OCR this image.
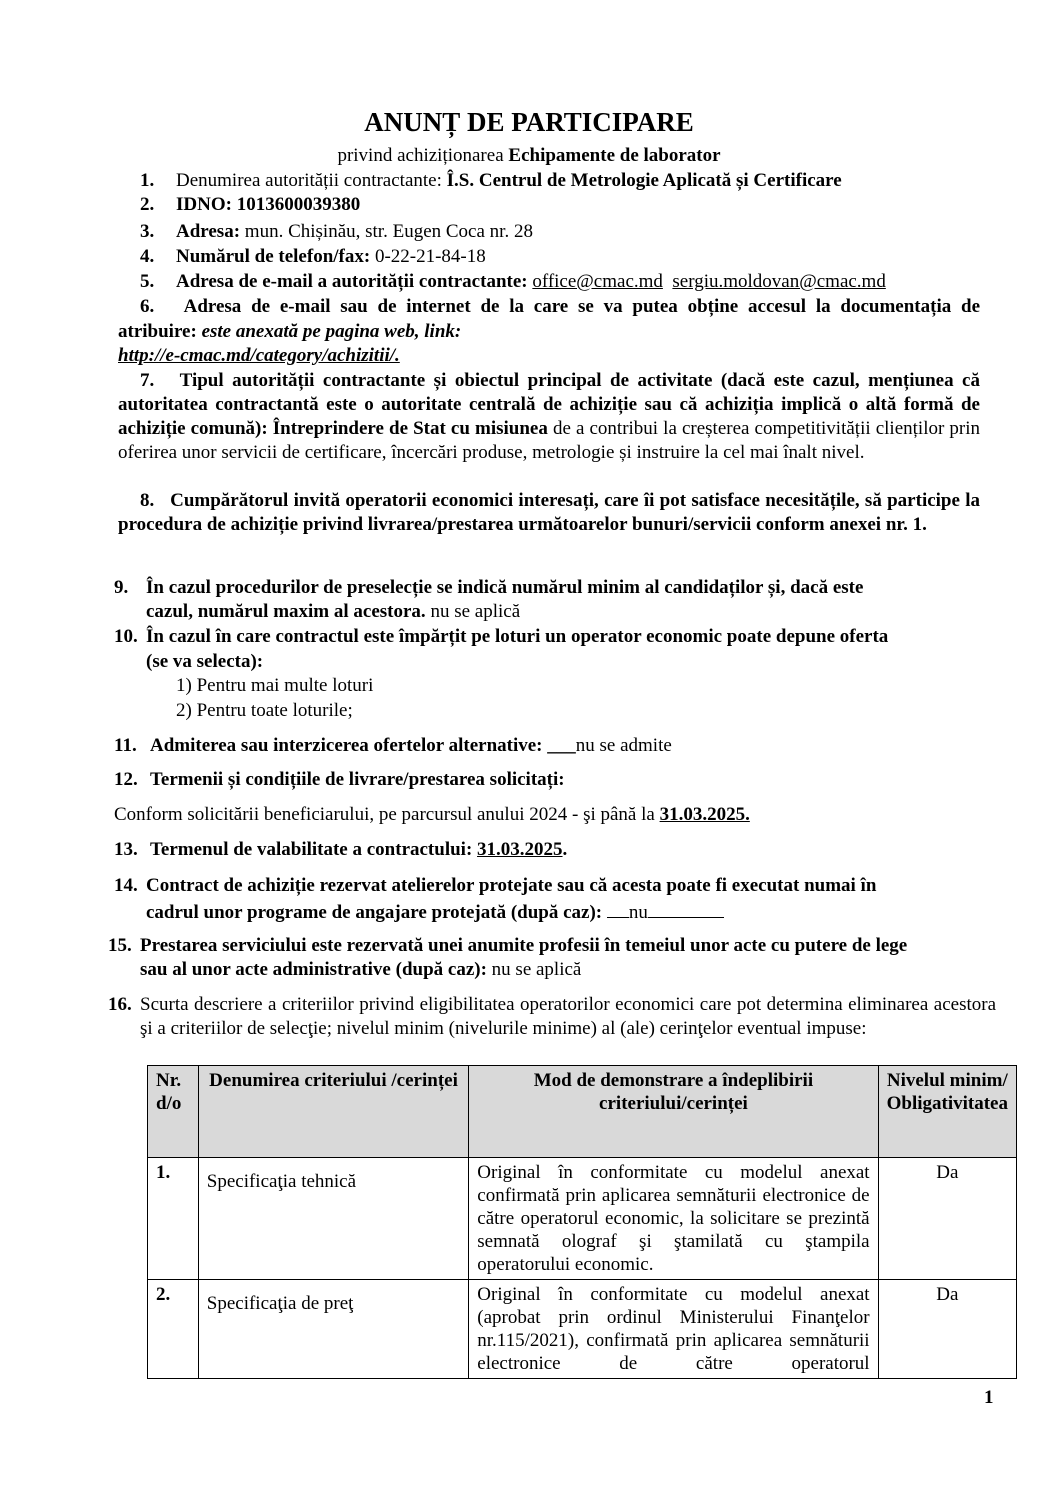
ANUNȚ DE PARTICIPARE
privind achiziționarea Echipamente de laborator
1. Denumirea autorității contractante: Î.S. Centrul de Metrologie Aplicată și Certificare
2. IDNO: 1013600039380
3. Adresa: mun. Chișinău, str. Eugen Coca nr. 28
4. Numărul de telefon/fax: 0-22-21-84-18
5. Adresa de e-mail a autorității contractante: office@cmac.md sergiu.moldovan@cmac.md
6. Adresa de e-mail sau de internet de la care se va putea obține accesul la documentația de
atribuire: este anexată pe pagina web, link:
http://e-cmac.md/category/achizitii/.
7. Tipul autorității contractante și obiectul principal de activitate (dacă este cazul, mențiunea că autoritatea contractantă este o autoritate centrală de achiziție sau că achiziția implică o altă formă de achiziție comună): Întreprindere de Stat cu misiunea de a contribui la creșterea competitivității clienților prin oferirea unor servicii de certificare, încercări produse, metrologie și instruire la cel mai înalt nivel.
8. Cumpărătorul invită operatorii economici interesați, care îi pot satisface necesitățile, să participe la procedura de achiziție privind livrarea/prestarea următoarelor bunuri/servicii conform anexei nr. 1.
9. În cazul procedurilor de preselecție se indică numărul minim al candidaților și, dacă este
cazul, numărul maxim al acestora. nu se aplică
10. În cazul în care contractul este împărțit pe loturi un operator economic poate depune oferta
(se va selecta):
1) Pentru mai multe loturi
2) Pentru toate loturile;
11. Admiterea sau interzicerea ofertelor alternative: ___nu se admite
12. Termenii și condițiile de livrare/prestarea solicitați:
Conform solicitării beneficiarului, pe parcursul anului 2024 - şi până la 31.03.2025.
13. Termenul de valabilitate a contractului: 31.03.2025.
14. Contract de achiziție rezervat atelierelor protejate sau că acesta poate fi executat numai în
cadrul unor programe de angajare protejată (după caz): nu
15. Prestarea serviciului este rezervată unei anumite profesii în temeiul unor acte cu putere de lege
sau al unor acte administrative (după caz): nu se aplică
16. Scurta descriere a criteriilor privind eligibilitatea operatorilor economici care pot determina eliminarea acestora şi a criteriilor de selecţie; nivelul minim (nivelurile minime) al (ale) cerinţelor eventual impuse:
Nr. d/o	Denumirea criteriului /cerinței	Mod de demonstrare a îndeplibirii criteriului/cerinței	Nivelul minim/ Obligativitatea
1.	Specificaţia tehnică	Original în conformitate cu modelul anexat confirmată prin aplicarea semnăturii electronice de către operatorul economic, la solicitare se prezintă semnată olograf şi ştamilată cu ştampila operatorului economic.	Da
2.	Specificaţia de preţ	Original în conformitate cu modelul anexat (aprobat prin ordinul Ministerului Finanţelor nr.115/2021), confirmată prin aplicarea semnăturii electronice de către operatorul	Da
1
